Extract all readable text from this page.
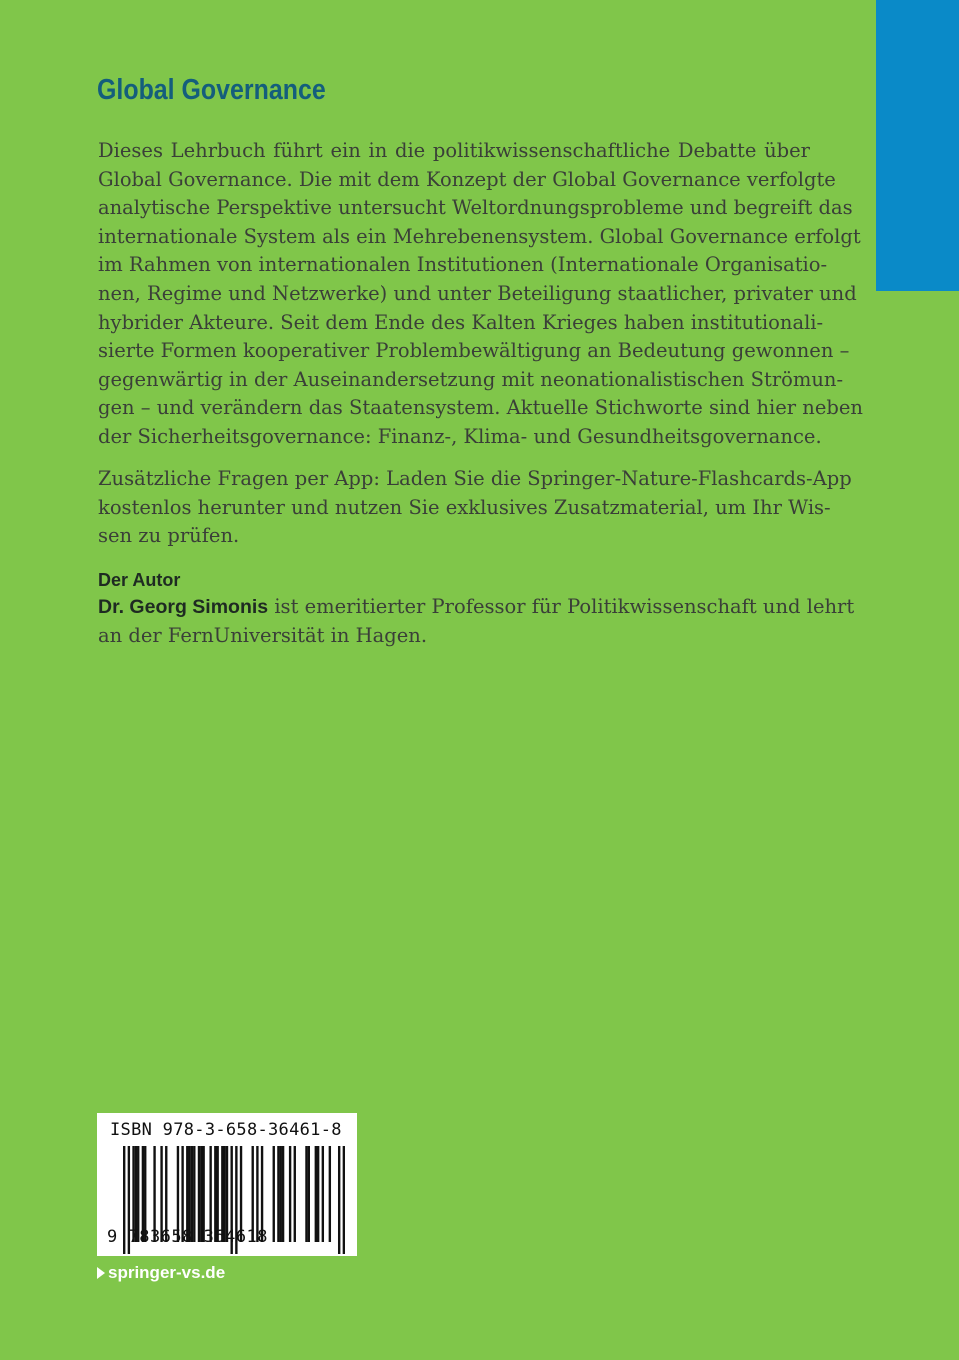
Global Governance

Dieses Lehrbuch führt ein in die politikwissenschaftliche Debatte über
Global Governance. Die mit dem Konzept der Global Governance verfolgte
analytische Perspektive untersucht Weltordnungsprobleme und begreift das
internationale System als ein Mehrebenensystem. Global Governance erfolgt
im Rahmen von internationalen Institutionen (Internationale Organisatio-
nen, Regime und Netzwerke) und unter Beteiligung staatlicher, privater und
hybrider Akteure. Seit dem Ende des Kalten Krieges haben institutionali-
sierte Formen kooperativer Problembewältigung an Bedeutung gewonnen –
gegenwärtig in der Auseinandersetzung mit neonationalistischen Strömun-
gen – und verändern das Staatensystem. Aktuelle Stichworte sind hier neben
der Sicherheitsgovernance: Finanz-, Klima- und Gesundheitsgovernance.

Zusätzliche Fragen per App: Laden Sie die Springer-Nature-Flashcards-App
kostenlos herunter und nutzen Sie exklusives Zusatzmaterial, um Ihr Wis-
sen zu prüfen.

Der Autor

Dr. Georg Simonis ist emeritierter Professor für Politikwissenschaft und lehrt
an der FernUniversität in Hagen.

ISBN 978-3-658-36461-8
9 783658 364618
springer-vs.de
